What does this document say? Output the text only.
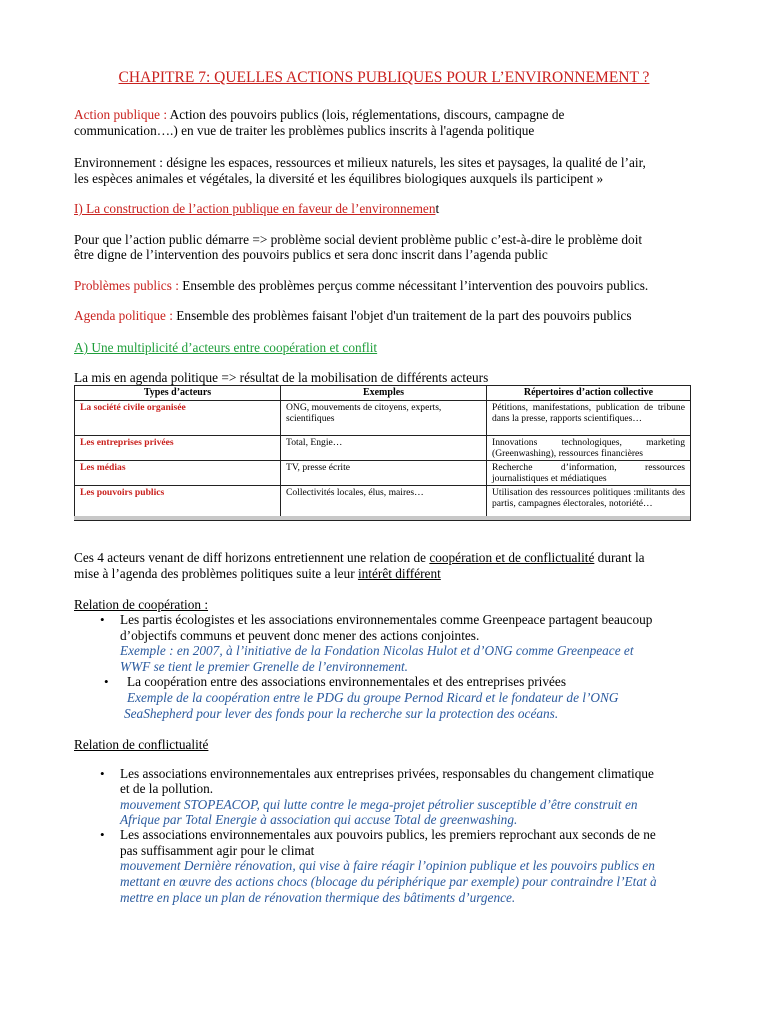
CHAPITRE 7: QUELLES ACTIONS PUBLIQUES POUR L’ENVIRONNEMENT ?
Action publique : Action des pouvoirs publics (lois, réglementations, discours, campagne de
communication….) en vue de traiter les problèmes publics inscrits à l'agenda politique
Environnement : désigne les espaces, ressources et milieux naturels, les sites et paysages, la qualité de l’air,
les espèces animales et végétales, la diversité et les équilibres biologiques auxquels ils participent »
I) La construction de l’action publique en faveur de l’environnement
Pour que l’action public démarre => problème social devient problème public c’est-à-dire le problème doit
être digne de l’intervention des pouvoirs publics et sera donc inscrit dans l’agenda public
Problèmes publics : Ensemble des problèmes perçus comme nécessitant l’intervention des pouvoirs publics.
Agenda politique : Ensemble des problèmes faisant l'objet d'un traitement de la part des pouvoirs publics
A) Une multiplicité d’acteurs entre coopération et conflit
La mis en agenda politique => résultat de la mobilisation de différents acteurs
Types d’acteurs	Exemples	Répertoires d’action collective
La société civile organisée	ONG, mouvements de citoyens, experts, scientifiques	Pétitions, manifestations, publication de tribune dans la presse, rapports scientifiques…
Les entreprises privées	Total, Engie…	Innovations technologiques, marketing (Greenwashing), ressources financières
Les médias	TV, presse écrite	Recherche d’information, ressources journalistiques et médiatiques
Les pouvoirs publics	Collectivités locales, élus, maires…	Utilisation des ressources politiques :militants des partis, campagnes électorales, notoriété…
Ces 4 acteurs venant de diff horizons entretiennent une relation de coopération et de conflictualité durant la
mise à l’agenda des problèmes politiques suite a leur intérêt différent
Relation de coopération :
• Les partis écologistes et les associations environnementales comme Greenpeace partagent beaucoup
d’objectifs communs et peuvent donc mener des actions conjointes.
Exemple : en 2007, à l’initiative de la Fondation Nicolas Hulot et d’ONG comme Greenpeace et
WWF se tient le premier Grenelle de l’environnement.
• La coopération entre des associations environnementales et des entreprises privées
Exemple de la coopération entre le PDG du groupe Pernod Ricard et le fondateur de l’ONG
SeaShepherd pour lever des fonds pour la recherche sur la protection des océans.
Relation de conflictualité
• Les associations environnementales aux entreprises privées, responsables du changement climatique
et de la pollution.
mouvement STOPEACOP, qui lutte contre le mega-projet pétrolier susceptible d’être construit en
Afrique par Total Energie à association qui accuse Total de greenwashing.
• Les associations environnementales aux pouvoirs publics, les premiers reprochant aux seconds de ne
pas suffisamment agir pour le climat
mouvement Dernière rénovation, qui vise à faire réagir l’opinion publique et les pouvoirs publics en
mettant en œuvre des actions chocs (blocage du périphérique par exemple) pour contraindre l’Etat à
mettre en place un plan de rénovation thermique des bâtiments d’urgence.
